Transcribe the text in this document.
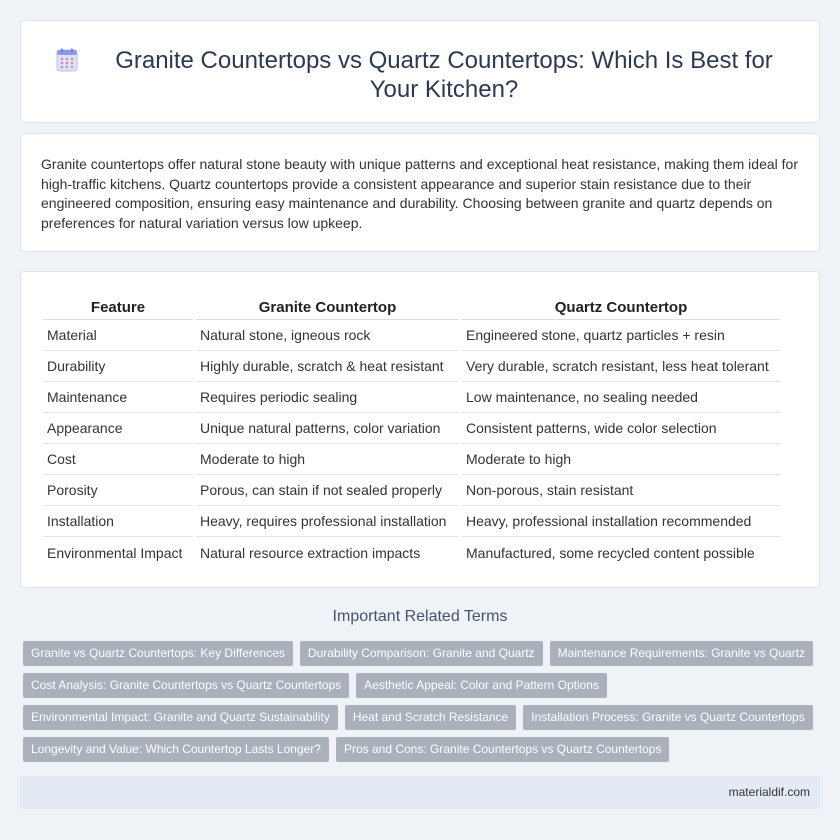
Granite Countertops vs Quartz Countertops: Which Is Best for Your Kitchen?

Granite countertops offer natural stone beauty with unique patterns and exceptional heat resistance, making them ideal for high-traffic kitchens. Quartz countertops provide a consistent appearance and superior stain resistance due to their engineered composition, ensuring easy maintenance and durability. Choosing between granite and quartz depends on preferences for natural variation versus low upkeep.

Feature	Granite Countertop	Quartz Countertop
Material	Natural stone, igneous rock	Engineered stone, quartz particles + resin
Durability	Highly durable, scratch & heat resistant	Very durable, scratch resistant, less heat tolerant
Maintenance	Requires periodic sealing	Low maintenance, no sealing needed
Appearance	Unique natural patterns, color variation	Consistent patterns, wide color selection
Cost	Moderate to high	Moderate to high
Porosity	Porous, can stain if not sealed properly	Non-porous, stain resistant
Installation	Heavy, requires professional installation	Heavy, professional installation recommended
Environmental Impact	Natural resource extraction impacts	Manufactured, some recycled content possible
Important Related Terms
Granite vs Quartz Countertops: Key Differences	Durability Comparison: Granite and Quartz	Maintenance Requirements: Granite vs Quartz
Cost Analysis: Granite Countertops vs Quartz Countertops	Aesthetic Appeal: Color and Pattern Options
Environmental Impact: Granite and Quartz Sustainability	Heat and Scratch Resistance	Installation Process: Granite vs Quartz Countertops
Longevity and Value: Which Countertop Lasts Longer?	Pros and Cons: Granite Countertops vs Quartz Countertops
materialdif.com
